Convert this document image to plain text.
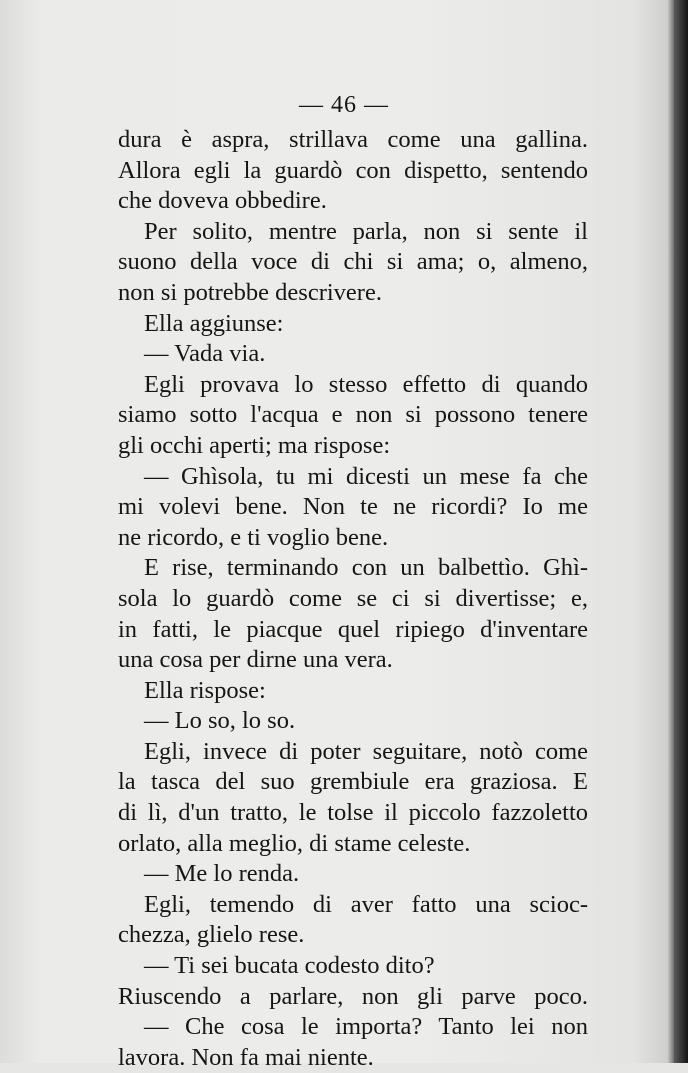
— 46 —
dura è aspra, strillava come una gallina.
Allora egli la guardò con dispetto, sentendo
che doveva obbedire.
Per solito, mentre parla, non si sente il
suono della voce di chi si ama; o, almeno,
non si potrebbe descrivere.
Ella aggiunse:
— Vada via.
Egli provava lo stesso effetto di quando
siamo sotto l'acqua e non si possono tenere
gli occhi aperti; ma rispose:
— Ghìsola, tu mi dicesti un mese fa che
mi volevi bene. Non te ne ricordi? Io me
ne ricordo, e ti voglio bene.
E rise, terminando con un balbettìo. Ghì-
sola lo guardò come se ci si divertisse; e,
in fatti, le piacque quel ripiego d'inventare
una cosa per dirne una vera.
Ella rispose:
— Lo so, lo so.
Egli, invece di poter seguitare, notò come
la tasca del suo grembiule era graziosa. E
di lì, d'un tratto, le tolse il piccolo fazzoletto
orlato, alla meglio, di stame celeste.
— Me lo renda.
Egli, temendo di aver fatto una scioc-
chezza, glielo rese.
— Ti sei bucata codesto dito?
Riuscendo a parlare, non gli parve poco.
— Che cosa le importa? Tanto lei non
lavora. Non fa mai niente.
